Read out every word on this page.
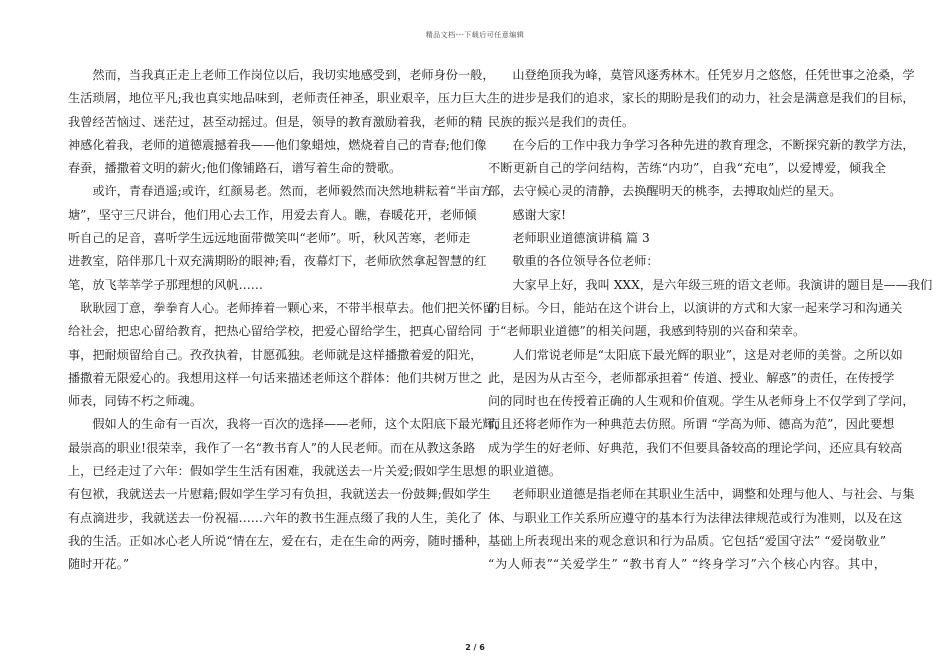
精品文档---下载后可任意编辑
　　然而，当我真正走上老师工作岗位以后，我切实地感受到，老师身份一般，
生活琐屑，地位平凡;我也真实地品味到，老师责任神圣，职业艰辛，压力巨大。
我曾经苦恼过、迷茫过，甚至动摇过。但是，领导的教育激励着我，老师的精
神感化着我，老师的道德震撼着我——他们象蜡烛，燃烧着自己的青春;他们像
春蚕，播撒着文明的薪火;他们像铺路石，谱写着生命的赞歌。
　　或许，青春逍遥;或许，红颜易老。然而，老师毅然而决然地耕耘着“半亩方
塘”，坚守三尺讲台，他们用心去工作，用爱去育人。瞧，春暖花开，老师倾
听自己的足音，喜听学生远远地面带微笑叫“老师”。听，秋风苦寒，老师走
进教室，陪伴那几十双充满期盼的眼神;看，夜幕灯下，老师欣然拿起智慧的红
笔，放飞莘莘学子那理想的风帆……
　耿耿园丁意，拳拳育人心。老师捧着一颗心来，不带半根草去。他们把关怀留
给社会，把忠心留给教育，把热心留给学校，把爱心留给学生，把真心留给同
事，把耐烦留给自己。孜孜执着，甘愿孤独。老师就是这样播撒着爱的阳光，
播撒着无限爱心的。我想用这样一句话来描述老师这个群体：他们共树万世之
师表，同铸不朽之师魂。
　　假如人的生命有一百次，我将一百次的选择——老师，这个太阳底下最光辉，
最崇高的职业!很荣幸，我作了一名“教书育人”的人民老师。而在从教这条路
上，已经走过了六年：假如学生生活有困难，我就送去一片关爱;假如学生思想
有包袱，我就送去一片慰藉;假如学生学习有负担，我就送去一份鼓舞;假如学生
有点滴进步，我就送去一份祝福……六年的教书生涯点缀了我的人生，美化了
我的生活。正如冰心老人所说“情在左，爱在右，走在生命的两旁，随时播种，
随时开花。”
　　山登绝顶我为峰，莫管风逐秀林木。任凭岁月之悠悠，任凭世事之沧桑，学
生的进步是我们的追求，家长的期盼是我们的动力，社会是满意是我们的目标，
民族的振兴是我们的责任。
　　在今后的工作中我力争学习各种先进的教育理念，不断探究新的教学方法，
不断更新自己的学问结构，苦练“内功”，自我“充电”，以爱博爱，倾我全
部，去守候心灵的清静，去换醒明天的桃李，去搏取灿烂的星天。
　　感谢大家!
　　老师职业道德演讲稿 篇 3
　　敬重的各位领导各位老师：
　　大家早上好，我叫 XXX，是六年级三班的语文老师。我演讲的题目是——我们
的目标。今日，能站在这个讲台上，以演讲的方式和大家一起来学习和沟通关
于“老师职业道德”的相关问题，我感到特别的兴奋和荣幸。
　　人们常说老师是“太阳底下最光辉的职业”，这是对老师的美誉。之所以如
此，是因为从古至今，老师都承担着“ 传道、授业、解惑”的责任，在传授学
问的同时也在传授着正确的人生观和价值观。学生从老师身上不仅学到了学问，
而且还将老师作为一种典范去仿照。所谓 “学高为师、德高为范”，因此要想
成为学生的好老师、好典范，我们不但要具备较高的理论学问，还应具有较高
的职业道德。
　　老师职业道德是指老师在其职业生活中，调整和处理与他人、与社会、与集
体、与职业工作关系所应遵守的基本行为法律法律规范或行为准则，以及在这
基础上所表现出来的观念意识和行为品质。它包括“爱国守法” “爱岗敬业”
“为人师表”“关爱学生” “教书育人” “终身学习”六个核心内容。其中，
2 / 6
